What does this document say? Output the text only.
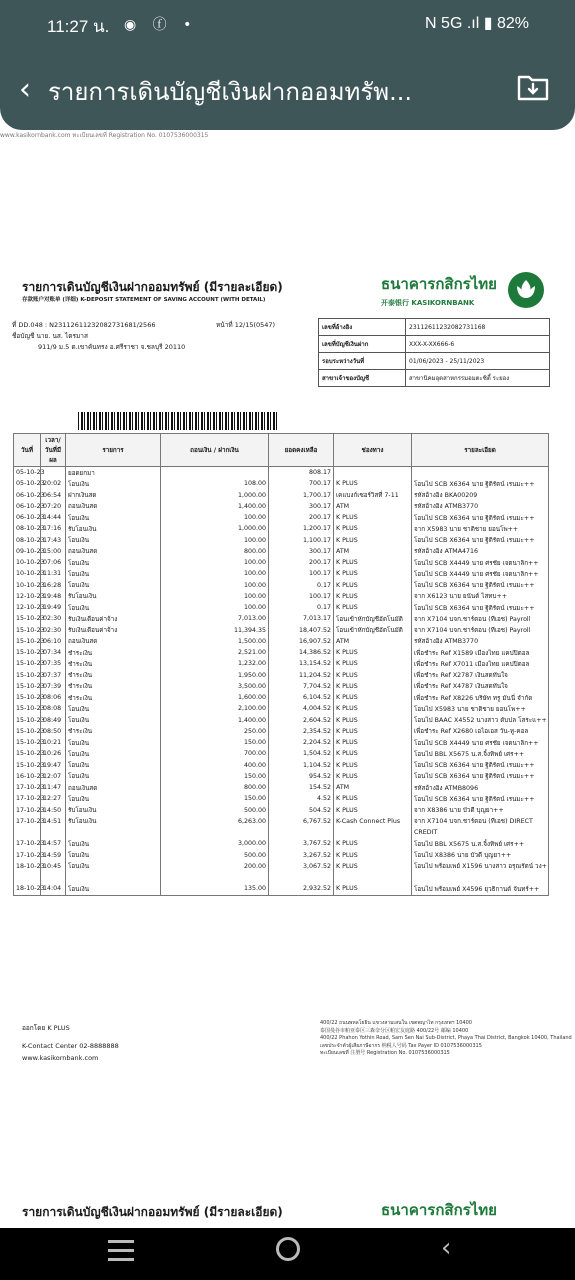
11:27 น. ◉ ⓕ •	N 5G .ıl ▮ 82%
‹ รายการเดินบัญชีเงินฝากออมทรัพ...
www.kasikornbank.com ทะเบียนเลขที่ Registration No. 0107536000315
รายการเดินบัญชีเงินฝากออมทรัพย์ (มีรายละเอียด)
存款账户对账单 (详细) K-DEPOSIT STATEMENT OF SAVING ACCOUNT (WITH DETAIL)
ธนาคารกสิกรไทย
开泰银行 KASIKORNBANK
ที่ DD.048 : N23112611232082731681/2566
ชื่อบัญชี นาย. นส. ไตรมาส
911/9 ม.5 ต.เขาคันทรง อ.ศรีราชา จ.ชลบุรี 20110
หน้าที่ 12/15(0547)	เลขที่อ้างอิง	23112611232082731168
เลขที่บัญชีเงินฝาก	XXX-X-XX666-6
รอบระหว่างวันที่	01/06/2023 - 25/11/2023
สาขาเจ้าของบัญชี	สาขานิคมอุตสาหกรรมอมตะซิตี้ ระยอง
วันที่	เวลา/ วันที่มีผล	รายการ	ถอนเงิน / ฝากเงิน	ยอดคงเหลือ	ช่องทาง	รายละเอียด
05-10-23		ยอดยกมา		808.17		
05-10-23	20:02	โอนเงิน	108.00	700.17	K PLUS	โอนไป SCB X6364 นาย ฐิติรัตน์ เรนมะ++
06-10-23	06:54	ฝากเงินสด	1,000.00	1,700.17	เคแบงก์เซอร์วิสที่ 7-11	รหัสอ้างอิง BKA00209
06-10-23	07:20	ถอนเงินสด	1,400.00	300.17	ATM	รหัสอ้างอิง ATMB3770
06-10-23	14:44	โอนเงิน	100.00	200.17	K PLUS	โอนไป SCB X6364 นาย ฐิติรัตน์ เรนมะ++
08-10-23	17:16	รับโอนเงิน	1,000.00	1,200.17	K PLUS	จาก X5983 นาย ชาติชาย ยอนโพ++
08-10-23	17:43	โอนเงิน	100.00	1,100.17	K PLUS	โอนไป SCB X6364 นาย ฐิติรัตน์ เรนมะ++
09-10-23	15:00	ถอนเงินสด	800.00	300.17	ATM	รหัสอ้างอิง ATMA4716
10-10-23	07:06	โอนเงิน	100.00	200.17	K PLUS	โอนไป SCB X4449 นาย ศรชัย เจตนาลิก++
10-10-23	11:31	โอนเงิน	100.00	100.17	K PLUS	โอนไป SCB X4449 นาย ศรชัย เจตนาลิก++
10-10-23	16:28	โอนเงิน	100.00	0.17	K PLUS	โอนไป SCB X6364 นาย ฐิติรัตน์ เรนมะ++
12-10-23	19:48	รับโอนเงิน	100.00	100.17	K PLUS	จาก X6123 นาย ยนันต์ ไสทบ++
12-10-23	19:49	โอนเงิน	100.00	0.17	K PLUS	โอนไป SCB X6364 นาย ฐิติรัตน์ เรนมะ++
15-10-23	02:30	รับเงินเดือนค่าจ้าง	7,013.00	7,013.17	โอนเข้าหักบัญชีอัตโนมัติ	จาก X7104 บจก.ชาร์ตอน (ทีเอช) Payroll
15-10-23	02:30	รับเงินเดือนค่าจ้าง	11,394.35	18,407.52	โอนเข้าหักบัญชีอัตโนมัติ	จาก X7104 บจก.ชาร์ตอน (ทีเอช) Payroll
15-10-23	06:10	ถอนเงินสด	1,500.00	16,907.52	ATM	รหัสอ้างอิง ATMB3770
15-10-23	07:34	ชำระเงิน	2,521.00	14,386.52	K PLUS	เพื่อชำระ Ref X1589 เมืองไทย แคปปิตอล
15-10-23	07:35	ชำระเงิน	1,232.00	13,154.52	K PLUS	เพื่อชำระ Ref X7011 เมืองไทย แคปปิตอล
15-10-23	07:37	ชำระเงิน	1,950.00	11,204.52	K PLUS	เพื่อชำระ Ref X2787 เงินสดทันใจ
15-10-23	07:39	ชำระเงิน	3,500.00	7,704.52	K PLUS	เพื่อชำระ Ref X4787 เงินสดทันใจ
15-10-23	08:06	ชำระเงิน	1,600.00	6,104.52	K PLUS	เพื่อชำระ Ref X8226 บริษัท ทรู มันนี่ จำกัด
15-10-23	08:08	โอนเงิน	2,100.00	4,004.52	K PLUS	โอนไป X5983 นาย ชาติชาย ยอนโพ++
15-10-23	08:49	โอนเงิน	1,400.00	2,604.52	K PLUS	โอนไป BAAC X4552 นางสาว ดับปล โสระแ++
15-10-23	08:50	ชำระเงิน	250.00	2,354.52	K PLUS	เพื่อชำระ Ref X2680 เอไอเอส วัน-ทู-คอล
15-10-23	10:21	โอนเงิน	150.00	2,204.52	K PLUS	โอนไป SCB X4449 นาย ศรชัย เจตนาลิก++
15-10-23	10:26	โอนเงิน	700.00	1,504.52	K PLUS	โอนไป BBL X5675 น.ส.จิ้งทิพย์ เศร++
15-10-23	19:47	โอนเงิน	400.00	1,104.52	K PLUS	โอนไป SCB X6364 นาย ฐิติรัตน์ เรนมะ++
16-10-23	12:07	โอนเงิน	150.00	954.52	K PLUS	โอนไป SCB X6364 นาย ฐิติรัตน์ เรนมะ++
17-10-23	11:47	ถอนเงินสด	800.00	154.52	ATM	รหัสอ้างอิง ATMB8096
17-10-23	12:27	โอนเงิน	150.00	4.52	K PLUS	โอนไป SCB X6364 นาย ฐิติรัตน์ เรนมะ++
17-10-23	14:50	รับโอนเงิน	500.00	504.52	K PLUS	จาก X8386 นาย บัวดี บุญยา++
17-10-23	14:51	รับโอนเงิน	6,263.00	6,767.52	K-Cash Connect Plus	จาก X7104 บจก.ชาร์ตอน (ทีเอช) DIRECT
						CREDIT
17-10-23	14:57	โอนเงิน	3,000.00	3,767.52	K PLUS	โอนไป BBL X5675 น.ส.จิ้งทิพย์ เศร++
17-10-23	14:59	โอนเงิน	500.00	3,267.52	K PLUS	โอนไป X8386 นาย บัวดี บุญยา++
18-10-23	10:45	โอนเงิน	200.00	3,067.52	K PLUS	โอนไป พร้อมเพย์ X1596 นางสาว อรุณรัตน์ วง+

18-10-23	14:04	โอนเงิน	135.00	2,932.52	K PLUS	โอนไป พร้อมเพย์ X4596 ยุวธิกานต์ จันทร์++
ออกโดย K PLUS
K-Contact Center 02-8888888
www.kasikornbank.com
400/22 ถนนพหลโยธิน แขวงสามเสนใน เขตพญาไท กรุงเทพฯ 10400
泰国曼谷市帕亚泰区三森奈分区帕宏友庭路 400/22号 邮编 10400
400/22 Phahon Yothin Road, Sam Sen Nai Sub-District, Phaya Thai District, Bangkok 10400, Thailand
เลขประจำตัวผู้เสียภาษีอากร 纳税人号码 Tax Payer ID 0107536000315
ทะเบียนเลขที่ 注册号 Registration No. 0107536000315
รายการเดินบัญชีเงินฝากออมทรัพย์ (มีรายละเอียด)	ธนาคารกสิกรไทย
‹
